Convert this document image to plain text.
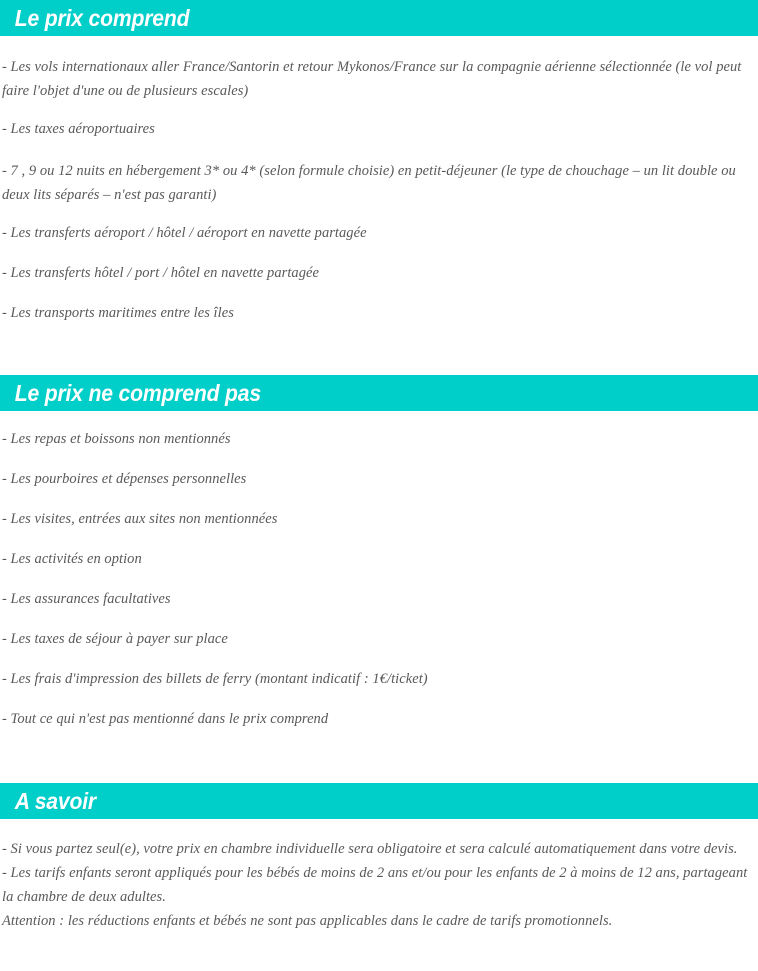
Le prix comprend
- Les vols internationaux aller France/Santorin et retour Mykonos/France sur la compagnie aérienne sélectionnée (le vol peut faire l'objet d'une ou de plusieurs escales)
- Les taxes aéroportuaires
- 7 , 9 ou 12 nuits en hébergement 3* ou 4* (selon formule choisie) en petit-déjeuner (le type de chouchage – un lit double ou deux lits séparés – n'est pas garanti)
- Les transferts aéroport / hôtel / aéroport en navette partagée
- Les transferts hôtel / port / hôtel en navette partagée
- Les transports maritimes entre les îles
Le prix ne comprend pas
- Les repas et boissons non mentionnés
- Les pourboires et dépenses personnelles
- Les visites, entrées aux sites non mentionnées
- Les activités en option
- Les assurances facultatives
- Les taxes de séjour à payer sur place
- Les frais d'impression des billets de ferry (montant indicatif : 1€/ticket)
- Tout ce qui n'est pas mentionné dans le prix comprend
A savoir

- Si vous partez seul(e), votre prix en chambre individuelle sera obligatoire et sera calculé automatiquement dans votre devis.

- Les tarifs enfants seront appliqués pour les bébés de moins de 2 ans et/ou pour les enfants de 2 à moins de 12 ans, partageant la chambre de deux adultes.

Attention : les réductions enfants et bébés ne sont pas applicables dans le cadre de tarifs promotionnels.
